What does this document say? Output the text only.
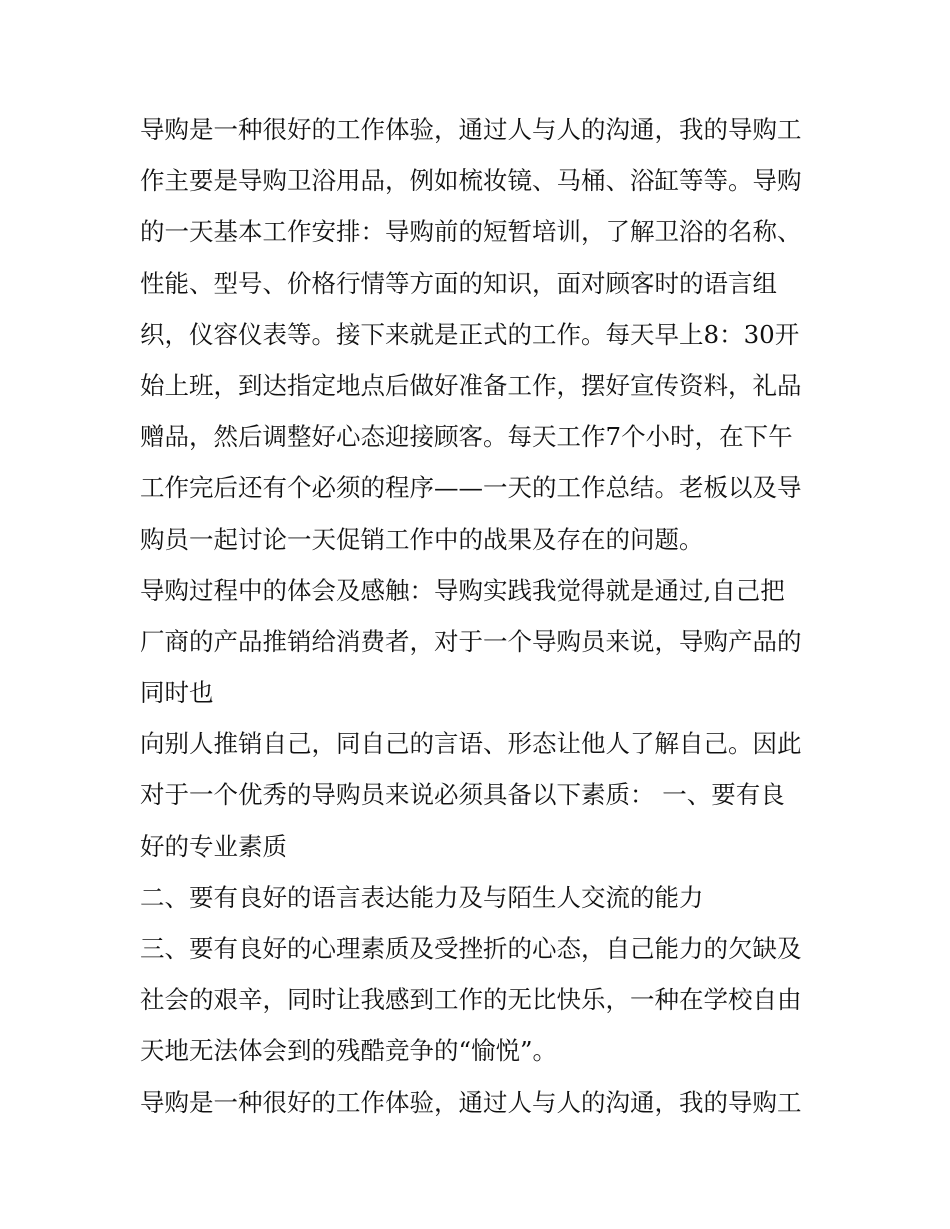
导购是一种很好的工作体验，通过人与人的沟通，我的导购工
作主要是导购卫浴用品，例如梳妆镜、马桶、浴缸等等。导购
的一天基本工作安排：导购前的短暂培训，了解卫浴的名称、
性能、型号、价格行情等方面的知识，面对顾客时的语言组
织，仪容仪表等。接下来就是正式的工作。每天早上8：30开
始上班，到达指定地点后做好准备工作，摆好宣传资料，礼品
赠品，然后调整好心态迎接顾客。每天工作7个小时，在下午
工作完后还有个必须的程序——一天的工作总结。老板以及导
购员一起讨论一天促销工作中的战果及存在的问题。
导购过程中的体会及感触：导购实践我觉得就是通过,自己把
厂商的产品推销给消费者，对于一个导购员来说，导购产品的
同时也
向别人推销自己，同自己的言语、形态让他人了解自己。因此
对于一个优秀的导购员来说必须具备以下素质： 一、要有良
好的专业素质
二、要有良好的语言表达能力及与陌生人交流的能力
三、要有良好的心理素质及受挫折的心态，自己能力的欠缺及
社会的艰辛，同时让我感到工作的无比快乐，一种在学校自由
天地无法体会到的残酷竞争的“愉悦”。
导购是一种很好的工作体验，通过人与人的沟通，我的导购工
